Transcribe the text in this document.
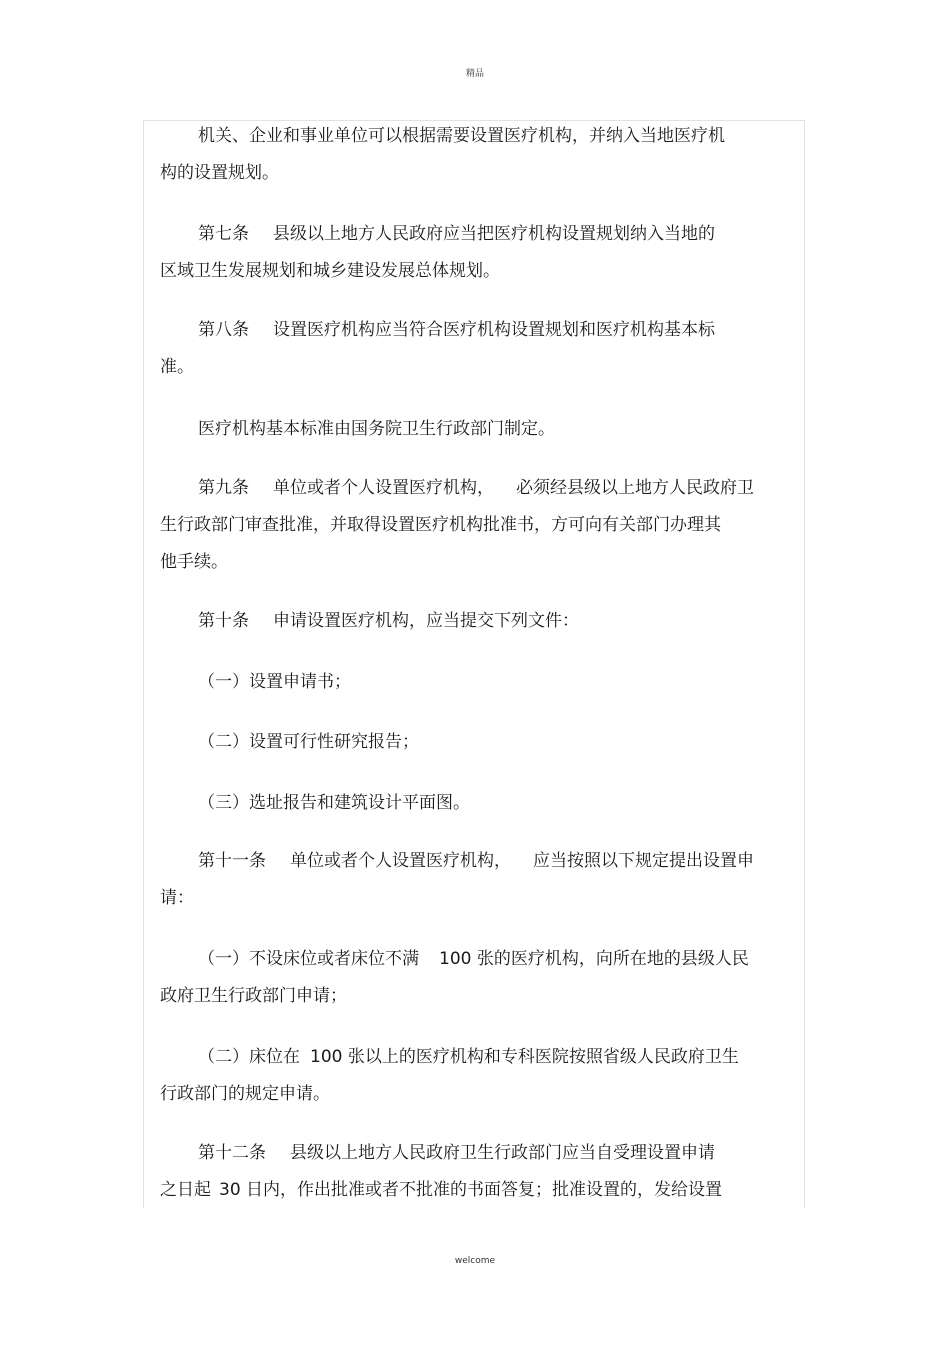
精品
机关、企业和事业单位可以根据需要设置医疗机构，并纳入当地医疗机
构的设置规划。
第七条 县级以上地方人民政府应当把医疗机构设置规划纳入当地的
区域卫生发展规划和城乡建设发展总体规划。
第八条 设置医疗机构应当符合医疗机构设置规划和医疗机构基本标
准。
医疗机构基本标准由国务院卫生行政部门制定。
第九条 单位或者个人设置医疗机构， 必须经县级以上地方人民政府卫
生行政部门审查批准，并取得设置医疗机构批准书，方可向有关部门办理其
他手续。
第十条 申请设置医疗机构，应当提交下列文件：
（一）设置申请书；
（二）设置可行性研究报告；
（三）选址报告和建筑设计平面图。
第十一条 单位或者个人设置医疗机构， 应当按照以下规定提出设置申
请：
（一）不设床位或者床位不满 100 张的医疗机构，向所在地的县级人民
政府卫生行政部门申请；
（二）床位在 100 张以上的医疗机构和专科医院按照省级人民政府卫生
行政部门的规定申请。
第十二条 县级以上地方人民政府卫生行政部门应当自受理设置申请
之日起 30 日内，作出批准或者不批准的书面答复；批准设置的，发给设置
welcome
